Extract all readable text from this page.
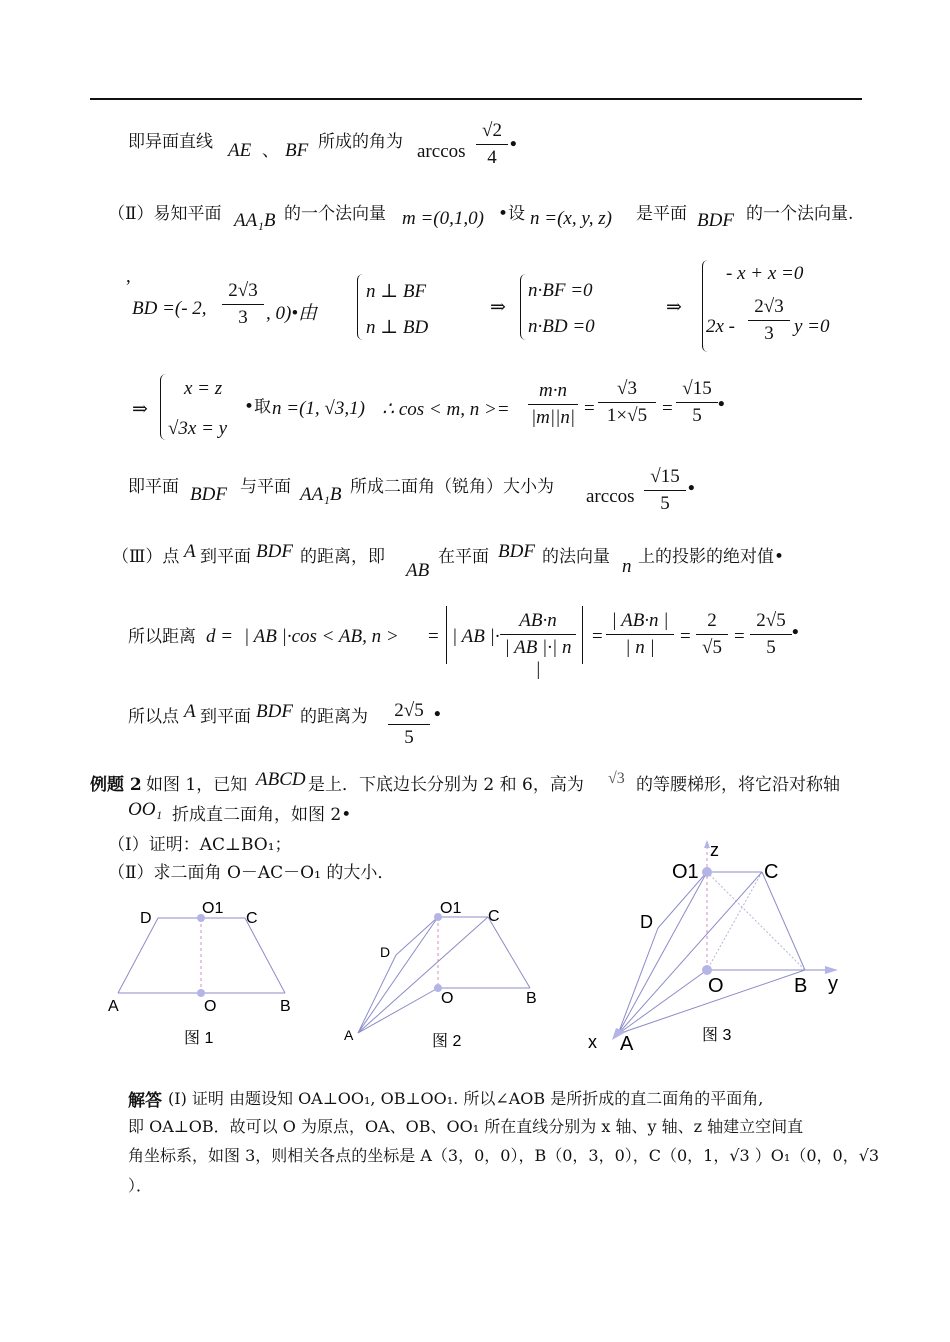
即异面直线 AE 、 BF 所成的角为 arccos
√2
4
•
（Ⅱ）易知平面 AA₁B 的一个法向量 m =(0,1,0) •设 n =(x, y, z) 是平面 BDF 的一个法向量.
,
BD =(- 2,
2√3
3 , 0)•由
n ⊥ BF
n ⊥ BD
⇒
n·BF =0
n·BD =0
⇒
- x + x =0
2x -
2√3
3	y =0
⇒
x = z
√3x = y
•取 n =(1, √3,1) ∴ cos < m, n >=
m·n
|m||n| =
√3
1×√5 =
√15
5
•
即平面 BDF 与平面 AA₁B 所成二面角（锐角）大小为 arccos
√15
5
•
（Ⅲ）点 A 到平面 BDF 的距离，即
AB
在平面 BDF 的法向量 n 上的投影的绝对值•
所以距离 d = | AB |·cos < AB, n > = | AB |·
AB·n
| AB |·| n |
=
| AB·n |
| n |
=
2
√5
=
2√5
5
•
所以点 A 到平面 BDF 的距离为	2√5
5
•
例题 2 如图 1，已知 ABCD 是上．下底边长分别为 2 和 6，高为 √3 的等腰梯形，将它沿对称轴
OO₁ 折成直二面角，如图 2•
（Ⅰ）证明：AC⊥BO₁；
（Ⅱ）求二面角 O－AC－O₁ 的大小．
D
O1
C
A	O	B
图 1
O1 C
D
O	B
A	图 2
z
O1	C
D
O	B y
x A	图 3
解答 (Ⅰ) 证明 由题设知 OA⊥OO₁, OB⊥OO₁. 所以∠AOB 是所折成的直二面角的平面角,
即 OA⊥OB．故可以 O 为原点，OA、OB、OO₁ 所在直线分别为 x 轴、y 轴、z 轴建立空间直
角坐标系，如图 3，则相关各点的坐标是 A（3，0，0），B（0，3，0），C（0，1，√3 ）O₁（0，0，√3
）．
